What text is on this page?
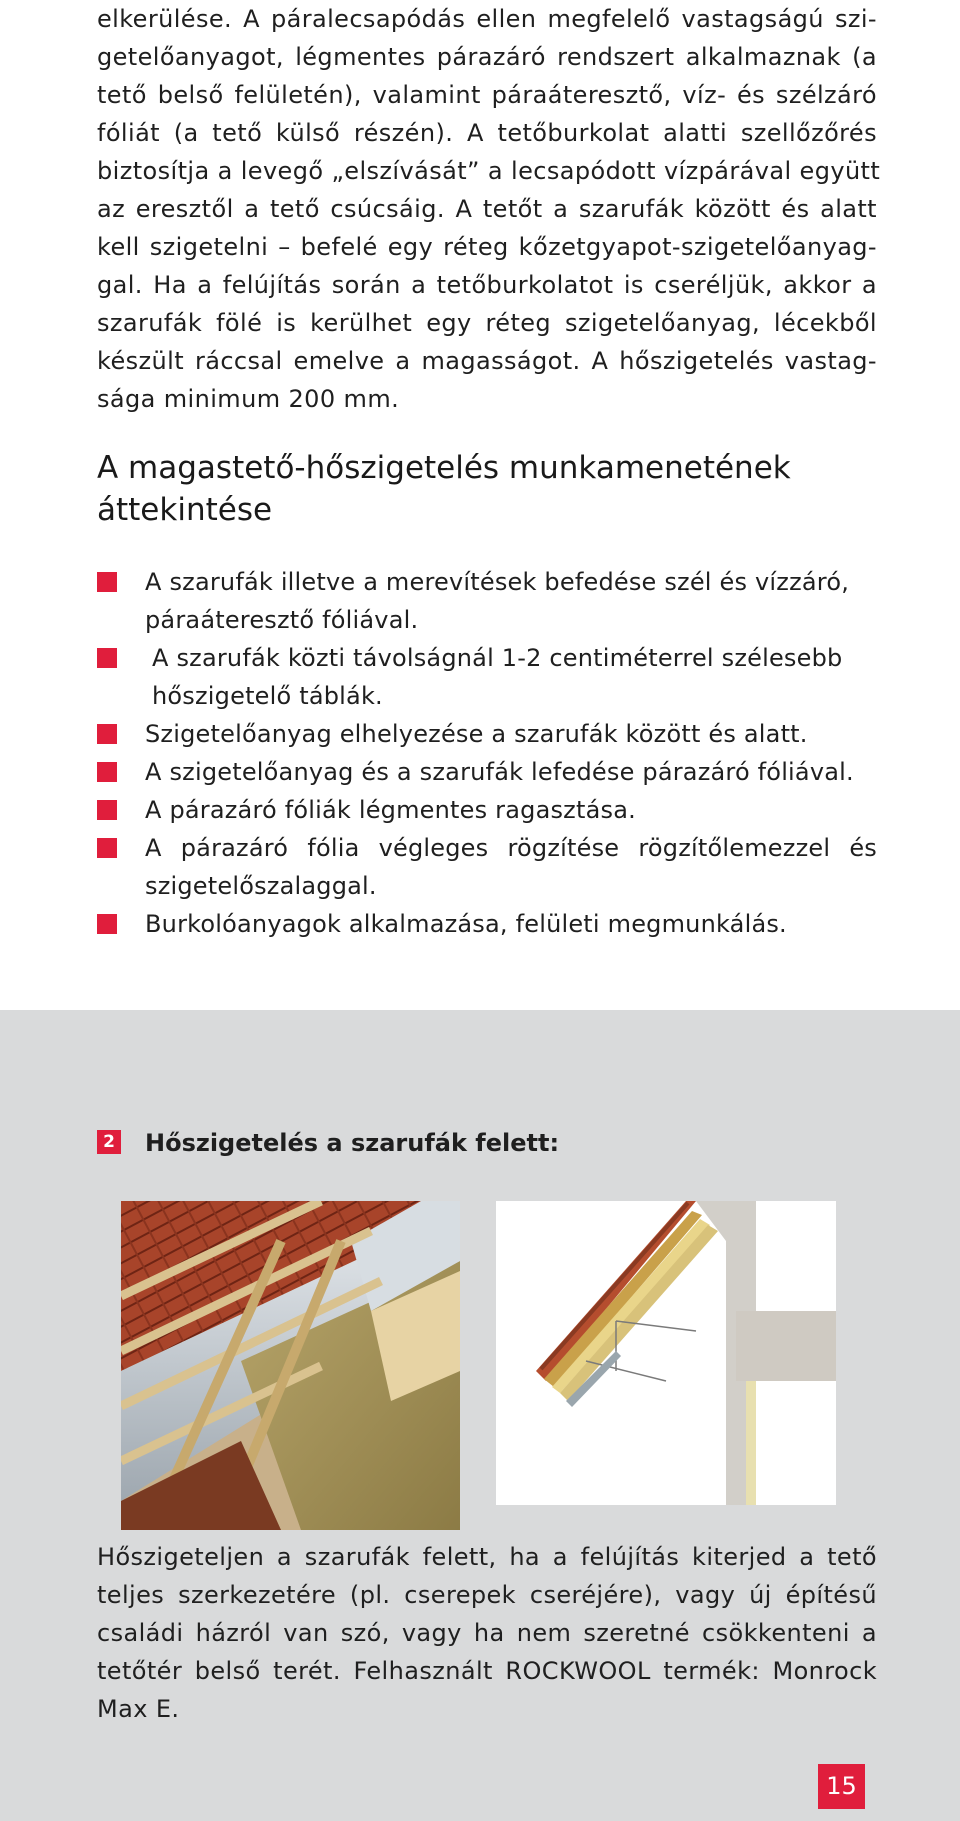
elkerülése. A páralecsapódás ellen megfelelő vastagságú szi-
getelőanyagot, légmentes párazáró rendszert alkalmaznak (a
tető belső felületén), valamint páraáteresztő, víz- és szélzáró
fóliát (a tető külső részén). A tetőburkolat alatti szellőzőrés
biztosítja a levegő „elszívását” a lecsapódott vízpárával együtt
az eresztől a tető csúcsáig. A tetőt a szarufák között és alatt
kell szigetelni – befelé egy réteg kőzetgyapot-szigetelőanyag-
gal. Ha a felújítás során a tetőburkolatot is cseréljük, akkor a
szarufák fölé is kerülhet egy réteg szigetelőanyag, lécekből
készült ráccsal emelve a magasságot. A hőszigetelés vastag-
sága minimum 200 mm.
A magastető-hőszigetelés munkamenetének
áttekintése
A szarufák illetve a merevítések befedése szél és vízzáró,
páraáteresztő fóliával.
A szarufák közti távolságnál 1-2 centiméterrel szélesebb
hőszigetelő táblák.
Szigetelőanyag elhelyezése a szarufák között és alatt.
A szigetelőanyag és a szarufák lefedése párazáró fóliával.
A párazáró fóliák légmentes ragasztása.
A párazáró fólia végleges rögzítése rögzítőlemezzel és
szigetelőszalaggal.
Burkolóanyagok alkalmazása, felületi megmunkálás.
2 Hőszigetelés a szarufák felett:
Hőszigeteljen a szarufák felett, ha a felújítás kiterjed a tető
teljes szerkezetére (pl. cserepek cseréjére), vagy új építésű
családi házról van szó, vagy ha nem szeretné csökkenteni a
tetőtér belső terét. Felhasznált ROCKWOOL termék: Monrock
Max E.
15
